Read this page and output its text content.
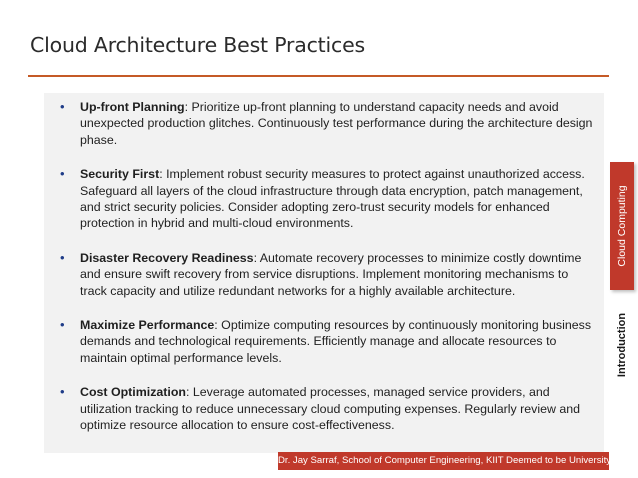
Cloud Architecture Best Practices
• Up-front Planning: Prioritize up-front planning to understand capacity needs and avoid unexpected production glitches. Continuously test performance during the architecture design phase.
• Security First: Implement robust security measures to protect against unauthorized access. Safeguard all layers of the cloud infrastructure through data encryption, patch management, and strict security policies. Consider adopting zero-trust security models for enhanced protection in hybrid and multi-cloud environments.
• Disaster Recovery Readiness: Automate recovery processes to minimize costly downtime and ensure swift recovery from service disruptions. Implement monitoring mechanisms to track capacity and utilize redundant networks for a highly available architecture.
• Maximize Performance: Optimize computing resources by continuously monitoring business demands and technological requirements. Efficiently manage and allocate resources to maintain optimal performance levels.
• Cost Optimization: Leverage automated processes, managed service providers, and utilization tracking to reduce unnecessary cloud computing expenses. Regularly review and optimize resource allocation to ensure cost-effectiveness.
Cloud Computing
Introduction
Dr. Jay Sarraf, School of Computer Engineering, KIIT Deemed to be University
